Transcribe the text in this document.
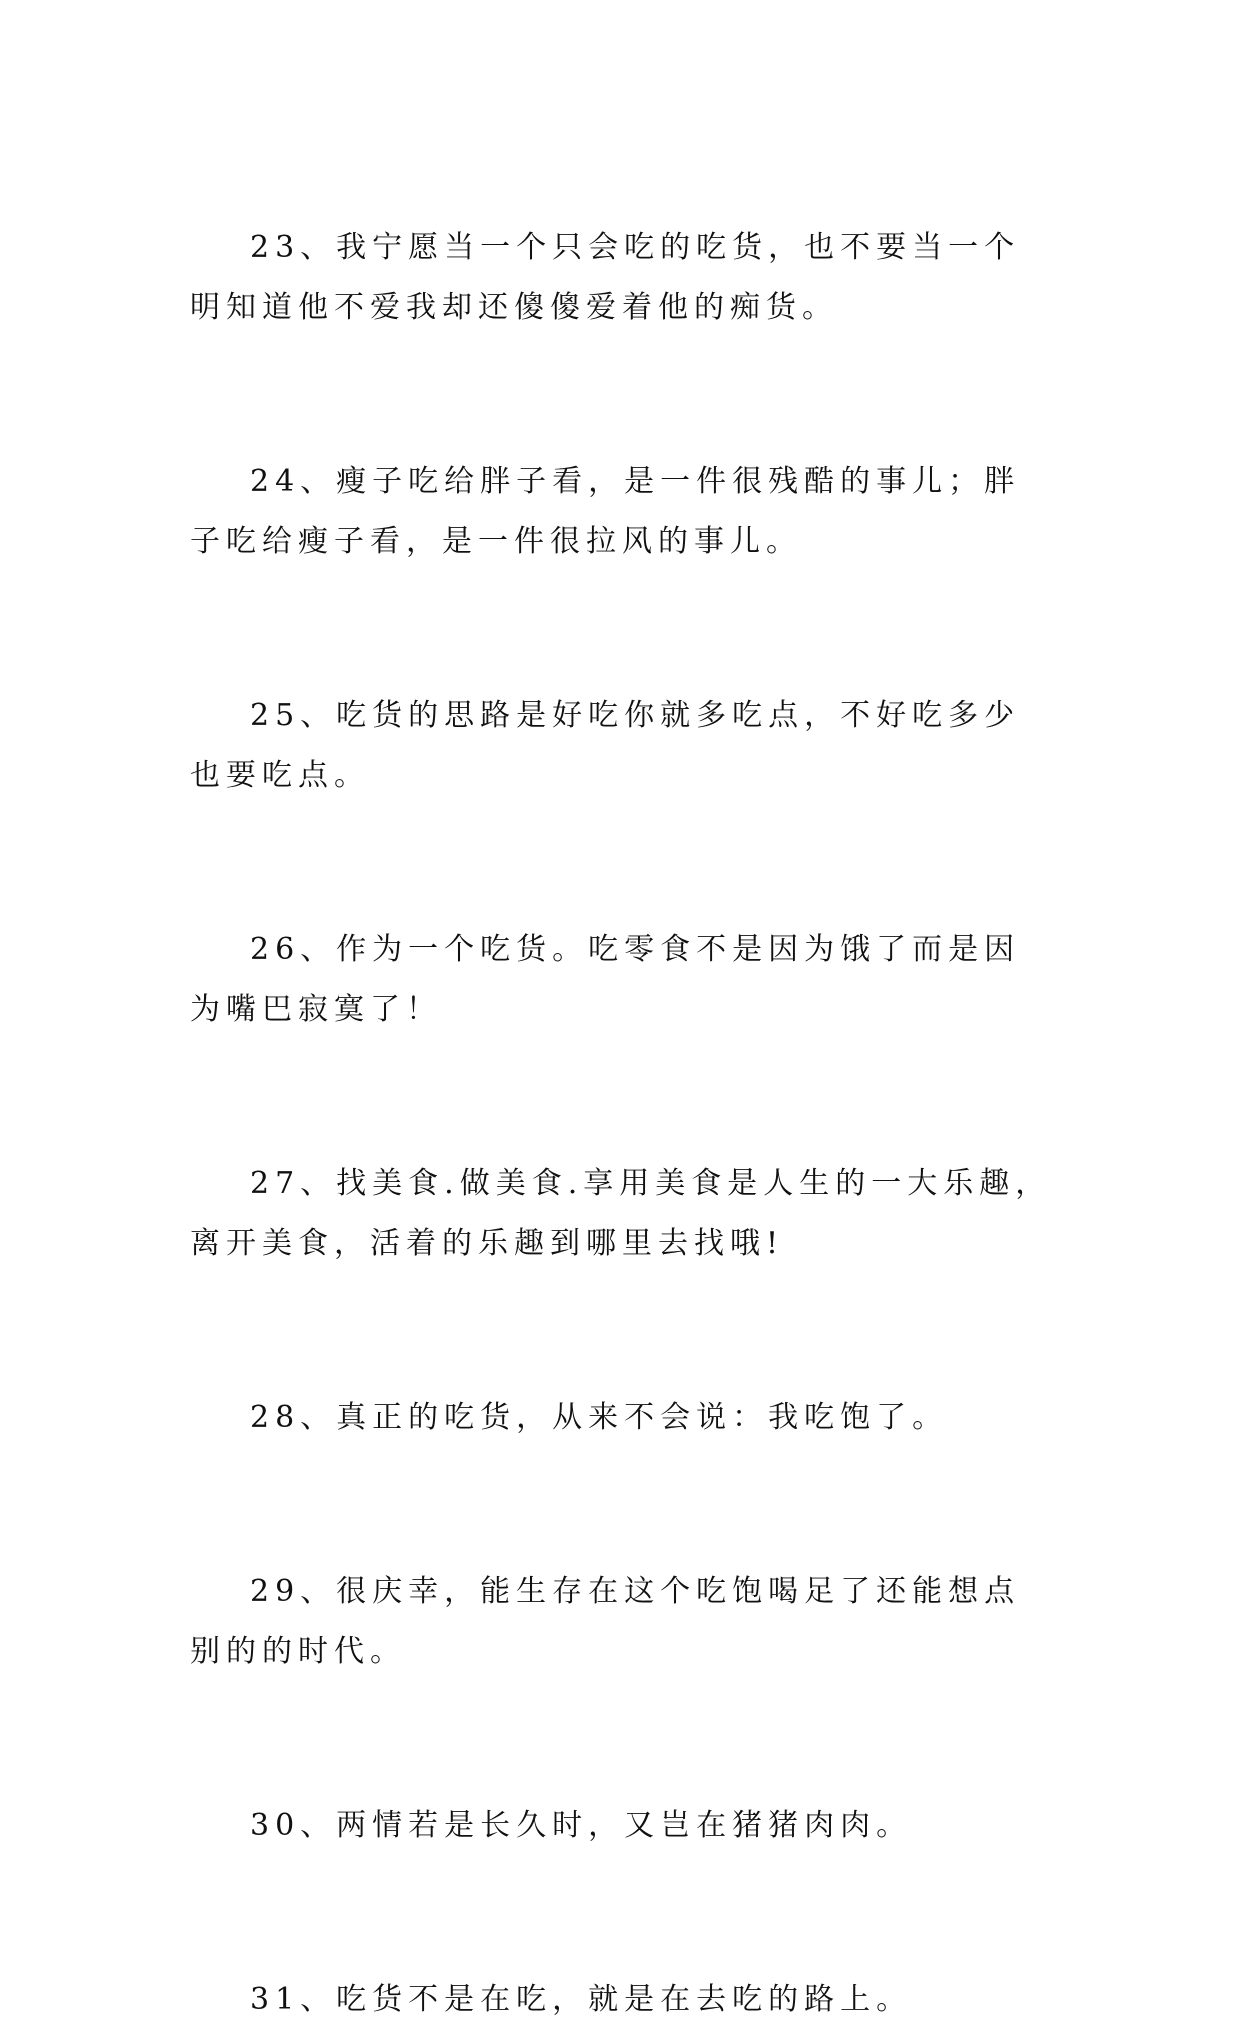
23、我宁愿当一个只会吃的吃货，也不要当一个明知道他不爱我却还傻傻爱着他的痴货。

24、瘦子吃给胖子看，是一件很残酷的事儿；胖子吃给瘦子看，是一件很拉风的事儿。

25、吃货的思路是好吃你就多吃点，不好吃多少也要吃点。

26、作为一个吃货。吃零食不是因为饿了而是因为嘴巴寂寞了！

27、找美食.做美食.享用美食是人生的一大乐趣，离开美食，活着的乐趣到哪里去找哦!

28、真正的吃货，从来不会说：我吃饱了。

29、很庆幸，能生存在这个吃饱喝足了还能想点别的的时代。

30、两情若是长久时，又岂在猪猪肉肉。

31、吃货不是在吃，就是在去吃的路上。
